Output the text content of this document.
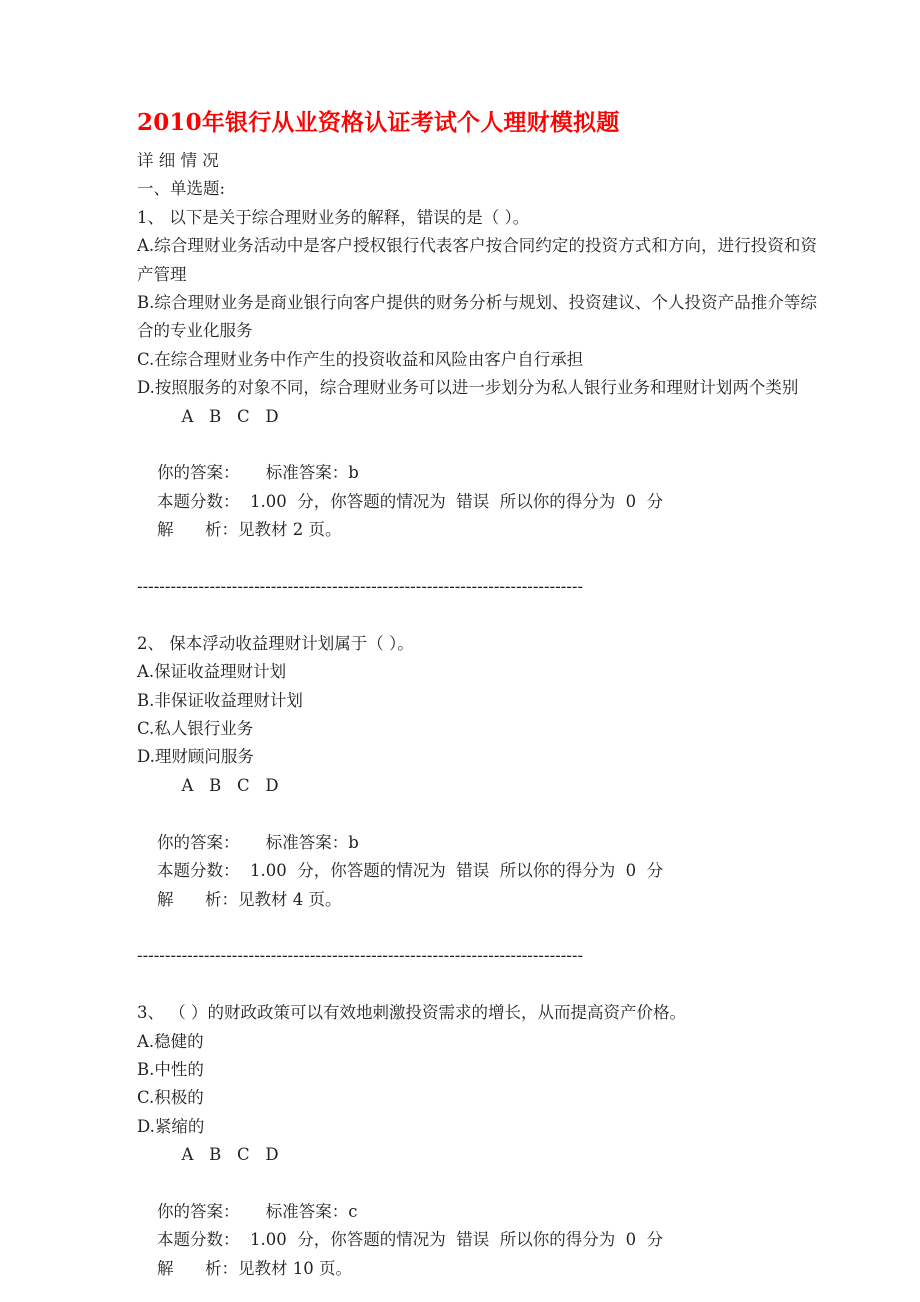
2010年银行从业资格认证考试个人理财模拟题

详 细 情 况

一、单选题:

1、 以下是关于综合理财业务的解释，错误的是（ ）。

A.综合理财业务活动中是客户授权银行代表客户按合同约定的投资方式和方向，进行投资和资产管理

B.综合理财业务是商业银行向客户提供的财务分析与规划、投资建议、个人投资产品推介等综合的专业化服务

C.在综合理财业务中作产生的投资收益和风险由客户自行承担

D.按照服务的对象不同，综合理财业务可以进一步划分为私人银行业务和理财计划两个类别

A   B   C   D

你的答案：     标准答案：b

本题分数：  1.00  分，你答题的情况为  错误  所以你的得分为  0  分

解      析：见教材 2 页。

--------------------------------------------------------------------------------

2、 保本浮动收益理财计划属于（ ）。

A.保证收益理财计划

B.非保证收益理财计划

C.私人银行业务

D.理财顾问服务

A   B   C   D

你的答案：     标准答案：b

本题分数：  1.00  分，你答题的情况为  错误  所以你的得分为  0  分

解      析：见教材 4 页。

--------------------------------------------------------------------------------

3、 （ ）的财政政策可以有效地刺激投资需求的增长，从而提高资产价格。

A.稳健的

B.中性的

C.积极的

D.紧缩的

A   B   C   D

你的答案：     标准答案：c

本题分数：  1.00  分，你答题的情况为  错误  所以你的得分为  0  分

解      析：见教材 10 页。
